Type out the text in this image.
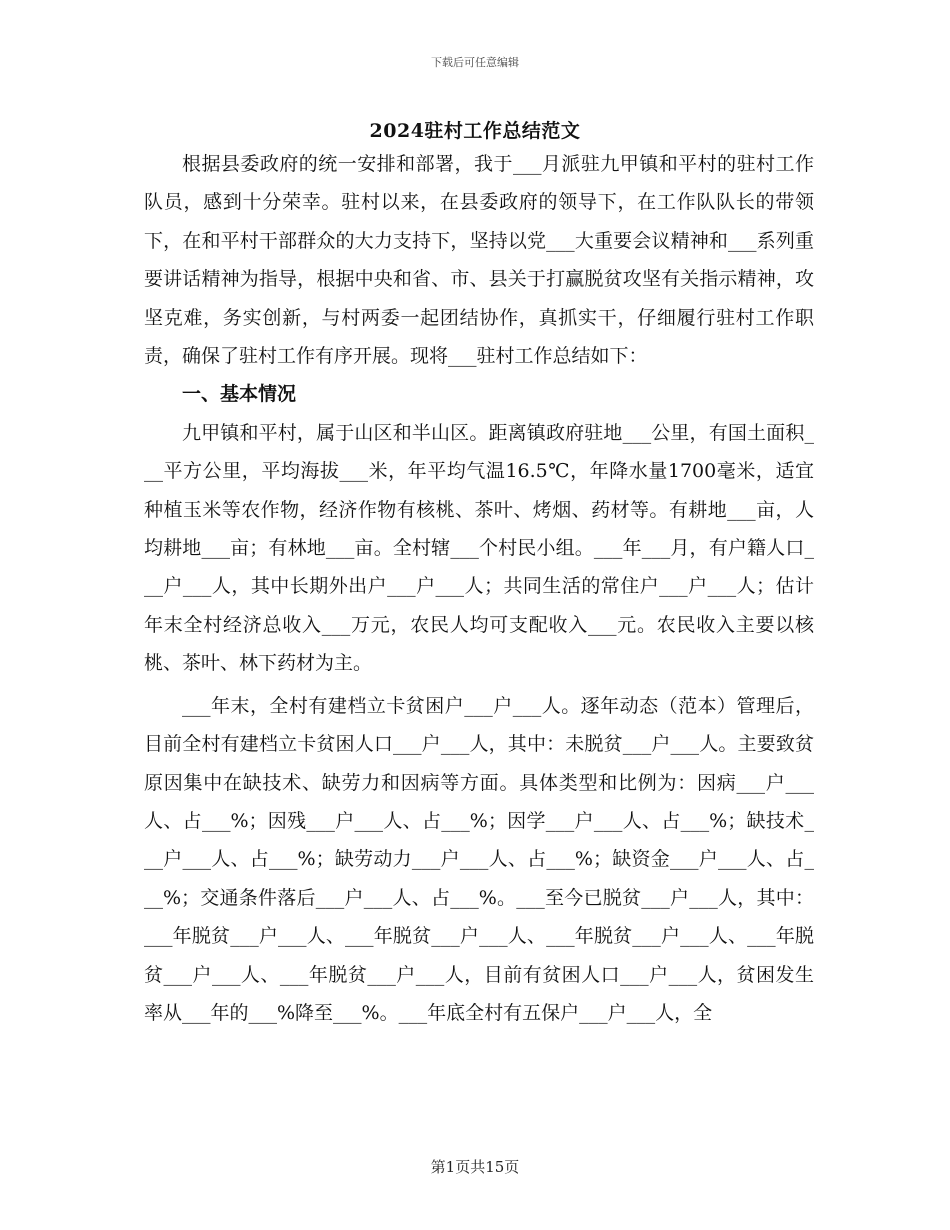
下载后可任意编辑
2024驻村工作总结范文

根据县委政府的统一安排和部署，我于___月派驻九甲镇和平村的驻村工作队员，感到十分荣幸。驻村以来，在县委政府的领导下，在工作队队长的带领下，在和平村干部群众的大力支持下，坚持以党___大重要会议精神和___系列重要讲话精神为指导，根据中央和省、市、县关于打赢脱贫攻坚有关指示精神，攻坚克难，务实创新，与村两委一起团结协作，真抓实干，仔细履行驻村工作职责，确保了驻村工作有序开展。现将___驻村工作总结如下：

一、基本情况

九甲镇和平村，属于山区和半山区。距离镇政府驻地___公里，有国土面积___平方公里，平均海拔___米，年平均气温16.5℃，年降水量1700毫米，适宜种植玉米等农作物，经济作物有核桃、茶叶、烤烟、药材等。有耕地___亩，人均耕地___亩；有林地___亩。全村辖___个村民小组。___年___月，有户籍人口___户___人，其中长期外出户___户___人；共同生活的常住户___户___人；估计年末全村经济总收入___万元，农民人均可支配收入___元。农民收入主要以核桃、茶叶、林下药材为主。

___年末，全村有建档立卡贫困户___户___人。逐年动态（范本）管理后，目前全村有建档立卡贫困人口___户___人，其中：未脱贫___户___人。主要致贫原因集中在缺技术、缺劳力和因病等方面。具体类型和比例为：因病___户___人、占___%；因残___户___人、占___%；因学___户___人、占___%；缺技术___户___人、占___%；缺劳动力___户___人、占___%；缺资金___户___人、占___%；交通条件落后___户___人、占___%。___至今已脱贫___户___人，其中：___年脱贫___户___人、___年脱贫___户___人、___年脱贫___户___人、___年脱贫___户___人、___年脱贫___户___人，目前有贫困人口___户___人，贫困发生率从___年的___%降至___%。___年底全村有五保户___户___人，全

第1页共15页
